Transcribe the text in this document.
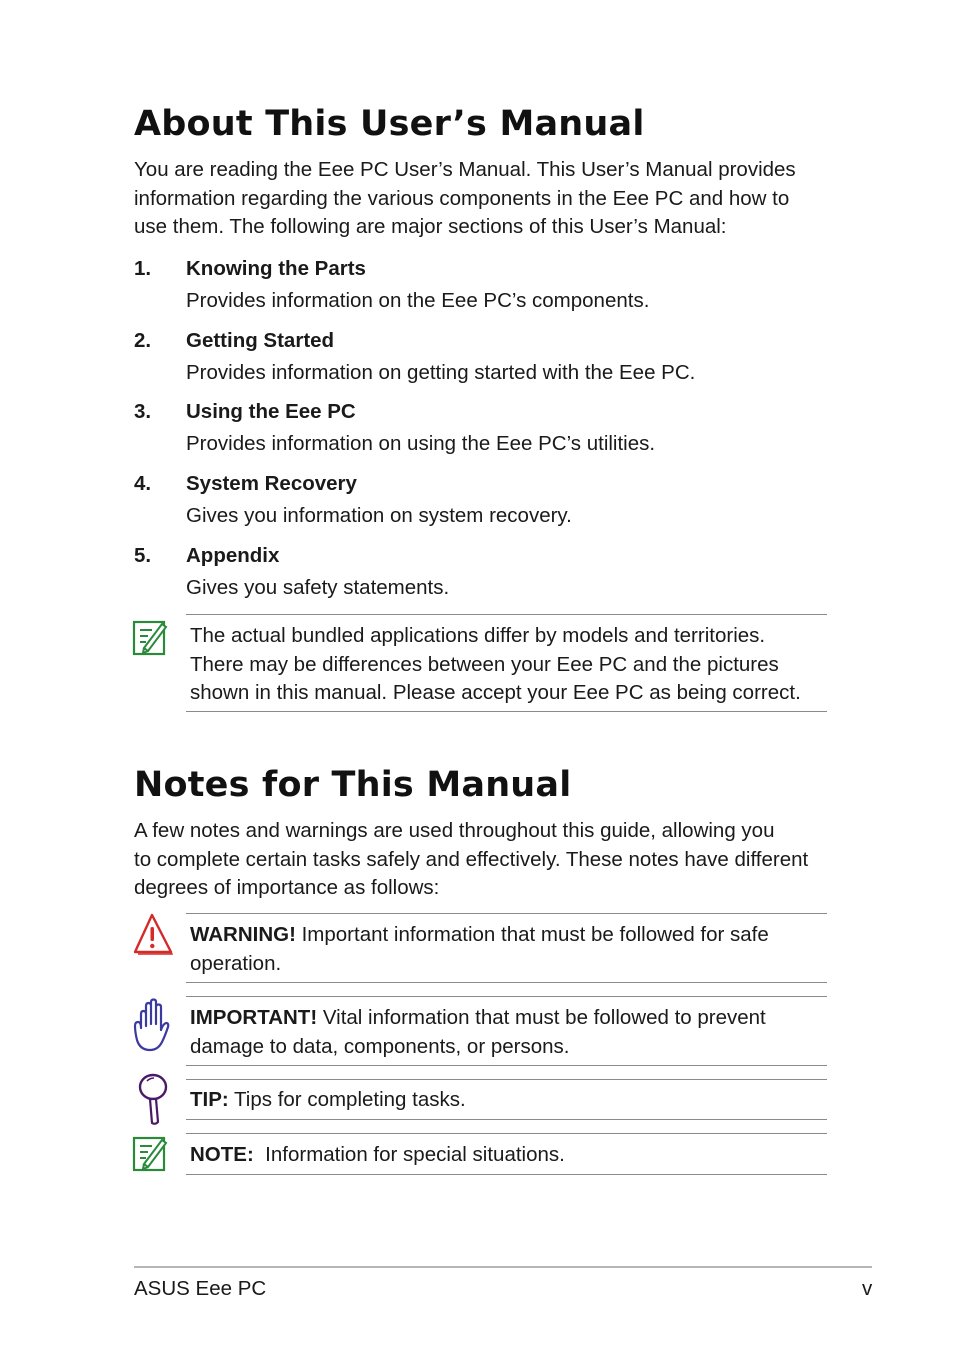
About This User’s Manual
You are reading the Eee PC User’s Manual. This User’s Manual provides
information regarding the various components in the Eee PC and how to
use them. The following are major sections of this User’s Manual:
1. Knowing the Parts
Provides information on the Eee PC’s components.
2. Getting Started
Provides information on getting started with the Eee PC.
3. Using the Eee PC
Provides information on using the Eee PC’s utilities.
4. System Recovery
Gives you information on system recovery.
5. Appendix
Gives you safety statements.
The actual bundled applications differ by models and territories.
There may be differences between your Eee PC and the pictures
shown in this manual. Please accept your Eee PC as being correct.
Notes for This Manual
A few notes and warnings are used throughout this guide, allowing you
to complete certain tasks safely and effectively. These notes have different
degrees of importance as follows:
WARNING! Important information that must be followed for safe
operation.
IMPORTANT! Vital information that must be followed to prevent
damage to data, components, or persons.
TIP: Tips for completing tasks.
NOTE:  Information for special situations.
ASUS Eee PC	v
